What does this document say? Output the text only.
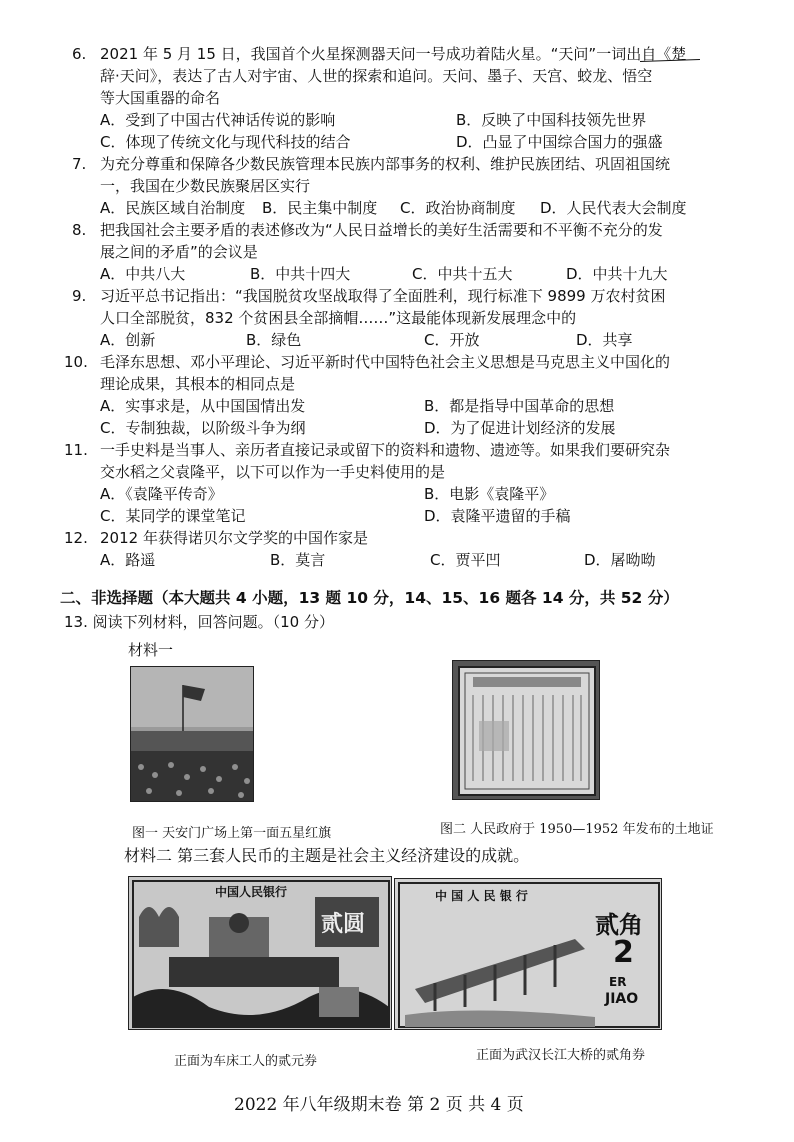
6. 2021 年 5 月 15 日，我国首个火星探测器天问一号成功着陆火星。“天问”一词出自《楚
辞·天问》，表达了古人对宇宙、人世的探索和追问。天问、墨子、天宫、蛟龙、悟空
等大国重器的命名
A．受到了中国古代神话传说的影响	B．反映了中国科技领先世界
C．体现了传统文化与现代科技的结合	D．凸显了中国综合国力的强盛
7. 为充分尊重和保障各少数民族管理本民族内部事务的权利、维护民族团结、巩固祖国统
一，我国在少数民族聚居区实行
A．民族区域自治制度 B．民主集中制度 C．政治协商制度 D．人民代表大会制度
8. 把我国社会主要矛盾的表述修改为“人民日益增长的美好生活需要和不平衡不充分的发
展之间的矛盾”的会议是
A．中共八大	B．中共十四大	C．中共十五大	D．中共十九大
9. 习近平总书记指出：“我国脱贫攻坚战取得了全面胜利，现行标准下 9899 万农村贫困
人口全部脱贫，832 个贫困县全部摘帽……”这最能体现新发展理念中的
A．创新	B．绿色	C．开放	D．共享
10. 毛泽东思想、邓小平理论、习近平新时代中国特色社会主义思想是马克思主义中国化的
理论成果，其根本的相同点是
A．实事求是，从中国国情出发	B．都是指导中国革命的思想
C．专制独裁，以阶级斗争为纲	D．为了促进计划经济的发展
11. 一手史料是当事人、亲历者直接记录或留下的资料和遗物、遗迹等。如果我们要研究杂
交水稻之父袁隆平，以下可以作为一手史料使用的是
A．《袁隆平传奇》	B．电影《袁隆平》
C．某同学的课堂笔记	D．袁隆平遗留的手稿
12. 2012 年获得诺贝尔文学奖的中国作家是
A．路遥	B．莫言	C．贾平凹	D．屠呦呦
二、非选择题（本大题共 4 小题，13 题 10 分，14、15、16 题各 14 分，共 52 分）
13. 阅读下列材料，回答问题。（10 分）
材料一
图一 天安门广场上第一面五星红旗	图二 人民政府于 1950—1952 年发布的土地证
材料二 第三套人民币的主题是社会主义经济建设的成就。
中国人民银行
贰圆
中 国 人 民 银 行
贰角
2
ER
JIAO
正面为车床工人的贰元券	正面为武汉长江大桥的贰角券
2022 年八年级期末卷 第 2 页 共 4 页
